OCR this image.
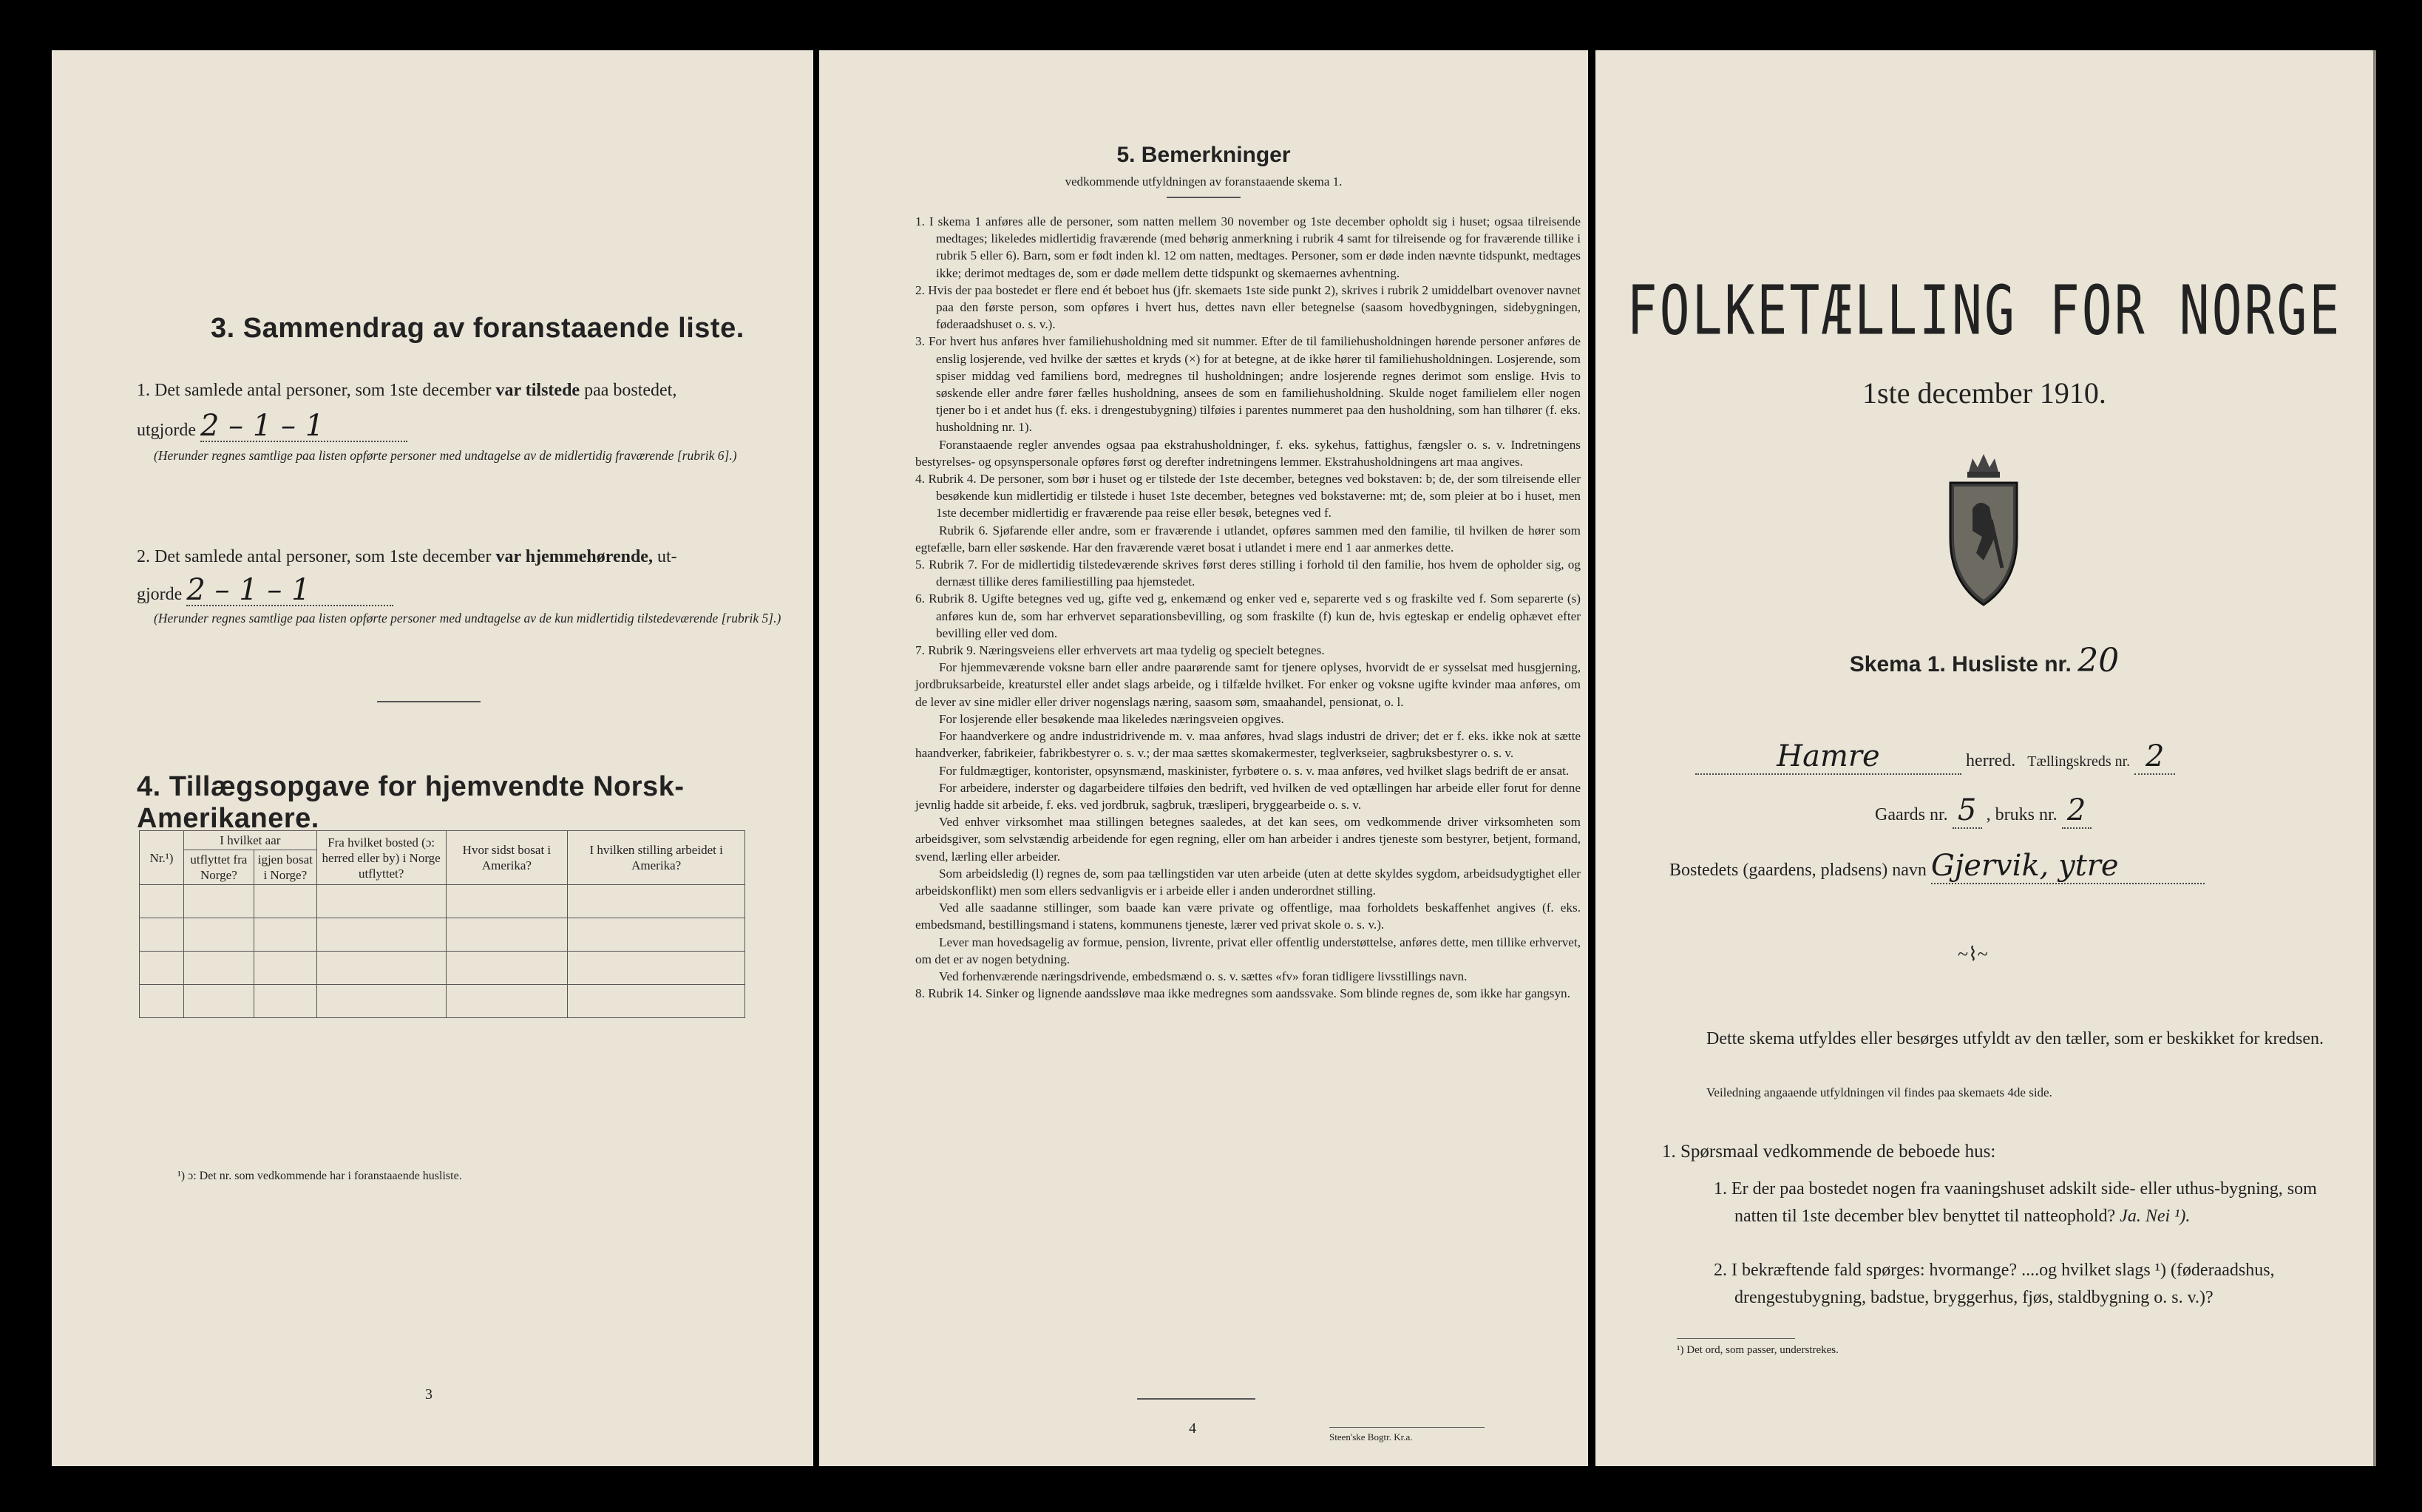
3. Sammendrag av foranstaaende liste.
1. Det samlede antal personer, som 1ste december var tilstede paa bostedet,
utgjorde 2 – 1 – 1
(Herunder regnes samtlige paa listen opførte personer med undtagelse av de midlertidig fraværende [rubrik 6].)
2. Det samlede antal personer, som 1ste december var hjemmehørende, ut-
gjorde 2 – 1 – 1
(Herunder regnes samtlige paa listen opførte personer med undtagelse av de kun midlertidig tilstedeværende [rubrik 5].)
4. Tillægsopgave for hjemvendte Norsk-Amerikanere.
Nr.¹)	I hvilket aar		Fra hvilket bosted (ɔ: herred eller by) i Norge utflyttet?	Hvor sidst bosat i Amerika?	I hvilken stilling arbeidet i Amerika?
	utflyttet fra Norge?	igjen bosat i Norge?			

¹) ɔ: Det nr. som vedkommende har i foranstaaende husliste.
3
5. Bemerkninger
vedkommende utfyldningen av foranstaaende skema 1.

1. I skema 1 anføres alle de personer, som natten mellem 30 november og 1ste december opholdt sig i huset; ogsaa tilreisende medtages; likeledes midlertidig fraværende (med behørig anmerkning i rubrik 4 samt for tilreisende og for fraværende tillike i rubrik 5 eller 6). Barn, som er født inden kl. 12 om natten, medtages. Personer, som er døde inden nævnte tidspunkt, medtages ikke; derimot medtages de, som er døde mellem dette tidspunkt og skemaernes avhentning.

2. Hvis der paa bostedet er flere end ét beboet hus (jfr. skemaets 1ste side punkt 2), skrives i rubrik 2 umiddelbart ovenover navnet paa den første person, som opføres i hvert hus, dettes navn eller betegnelse (saasom hovedbygningen, sidebygningen, føderaadshuset o. s. v.).

3. For hvert hus anføres hver familiehusholdning med sit nummer. Efter de til familiehusholdningen hørende personer anføres de enslig losjerende, ved hvilke der sættes et kryds (×) for at betegne, at de ikke hører til familiehusholdningen. Losjerende, som spiser middag ved familiens bord, medregnes til husholdningen; andre losjerende regnes derimot som enslige. Hvis to søskende eller andre fører fælles husholdning, ansees de som en familiehusholdning. Skulde noget familielem eller nogen tjener bo i et andet hus (f. eks. i drengestubygning) tilføies i parentes nummeret paa den husholdning, som han tilhører (f. eks. husholdning nr. 1).

Foranstaaende regler anvendes ogsaa paa ekstrahusholdninger, f. eks. sykehus, fattighus, fængsler o. s. v. Indretningens bestyrelses- og opsynspersonale opføres først og derefter indretningens lemmer. Ekstrahusholdningens art maa angives.

4. Rubrik 4. De personer, som bør i huset og er tilstede der 1ste december, betegnes ved bokstaven: b; de, der som tilreisende eller besøkende kun midlertidig er tilstede i huset 1ste december, betegnes ved bokstaverne: mt; de, som pleier at bo i huset, men 1ste december midlertidig er fraværende paa reise eller besøk, betegnes ved f.

Rubrik 6. Sjøfarende eller andre, som er fraværende i utlandet, opføres sammen med den familie, til hvilken de hører som egtefælle, barn eller søskende. Har den fraværende været bosat i utlandet i mere end 1 aar anmerkes dette.

5. Rubrik 7. For de midlertidig tilstedeværende skrives først deres stilling i forhold til den familie, hos hvem de opholder sig, og dernæst tillike deres familiestilling paa hjemstedet.

6. Rubrik 8. Ugifte betegnes ved ug, gifte ved g, enkemænd og enker ved e, separerte ved s og fraskilte ved f. Som separerte (s) anføres kun de, som har erhvervet separationsbevilling, og som fraskilte (f) kun de, hvis egteskap er endelig ophævet efter bevilling eller ved dom.

7. Rubrik 9. Næringsveiens eller erhvervets art maa tydelig og specielt betegnes.

For hjemmeværende voksne barn eller andre paarørende samt for tjenere oplyses, hvorvidt de er sysselsat med husgjerning, jordbruksarbeide, kreaturstel eller andet slags arbeide, og i tilfælde hvilket. For enker og voksne ugifte kvinder maa anføres, om de lever av sine midler eller driver nogenslags næring, saasom søm, smaahandel, pensionat, o. l.

For losjerende eller besøkende maa likeledes næringsveien opgives.

For haandverkere og andre industridrivende m. v. maa anføres, hvad slags industri de driver; det er f. eks. ikke nok at sætte haandverker, fabrikeier, fabrikbestyrer o. s. v.; der maa sættes skomakermester, teglverkseier, sagbruksbestyrer o. s. v.

For fuldmægtiger, kontorister, opsynsmænd, maskinister, fyrbøtere o. s. v. maa anføres, ved hvilket slags bedrift de er ansat.

For arbeidere, inderster og dagarbeidere tilføies den bedrift, ved hvilken de ved optællingen har arbeide eller forut for denne jevnlig hadde sit arbeide, f. eks. ved jordbruk, sagbruk, træsliperi, bryggearbeide o. s. v.

Ved enhver virksomhet maa stillingen betegnes saaledes, at det kan sees, om vedkommende driver virksomheten som arbeidsgiver, som selvstændig arbeidende for egen regning, eller om han arbeider i andres tjeneste som bestyrer, betjent, formand, svend, lærling eller arbeider.

Som arbeidsledig (l) regnes de, som paa tællingstiden var uten arbeide (uten at dette skyldes sygdom, arbeidsudygtighet eller arbeidskonflikt) men som ellers sedvanligvis er i arbeide eller i anden underordnet stilling.

Ved alle saadanne stillinger, som baade kan være private og offentlige, maa forholdets beskaffenhet angives (f. eks. embedsmand, bestillingsmand i statens, kommunens tjeneste, lærer ved privat skole o. s. v.).

Lever man hovedsagelig av formue, pension, livrente, privat eller offentlig understøttelse, anføres dette, men tillike erhvervet, om det er av nogen betydning.

Ved forhenværende næringsdrivende, embedsmænd o. s. v. sættes «fv» foran tidligere livsstillings navn.

8. Rubrik 14. Sinker og lignende aandssløve maa ikke medregnes som aandssvake. Som blinde regnes de, som ikke har gangsyn.

4
Steen'ske Bogtr. Kr.a.
FOLKETÆLLING FOR NORGE
1ste december 1910.
Skema 1. Husliste nr. 20
Hamre	herred. Tællingskreds nr. 2
Gaards nr. 5 , bruks nr. 2
Bostedets (gaardens, pladsens) navn Gjervik, ytre
~⌇~
Dette skema utfyldes eller besørges utfyldt av den tæller, som er beskikket for kredsen.
Veiledning angaaende utfyldningen vil findes paa skemaets 4de side.
1. Spørsmaal vedkommende de beboede hus:
1. Er der paa bostedet nogen fra vaaningshuset adskilt side- eller uthus-bygning, som natten til 1ste december blev benyttet til natteophold? Ja. Nei ¹).
2. I bekræftende fald spørges: hvormange? ....og hvilket slags ¹) (føderaadshus, drengestubygning, badstue, bryggerhus, fjøs, staldbygning o. s. v.)?
¹) Det ord, som passer, understrekes.
